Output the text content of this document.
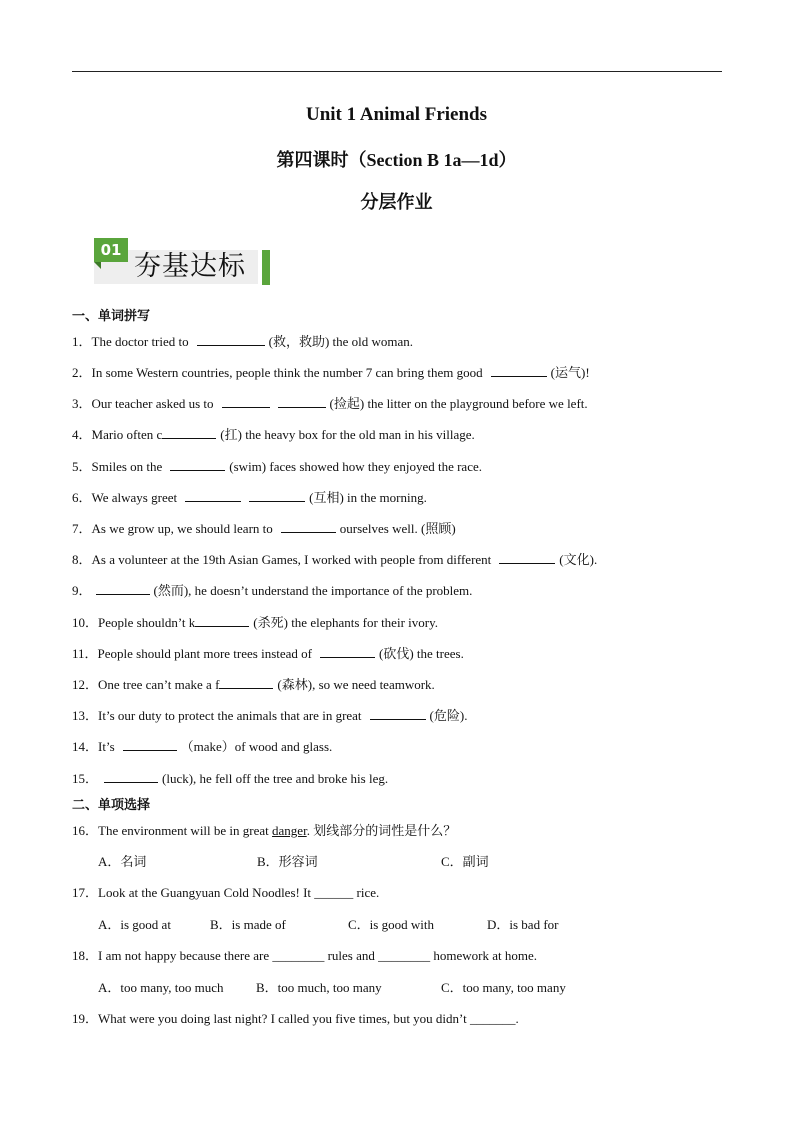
Unit 1 Animal Friends
第四课时（Section B 1a—1d）
分层作业
01
夯基达标
一、单词拼写
1．The doctor tried to	(救，救助) the old woman.
2．In some Western countries, people think the number 7 can bring them good	(运气)!
3．Our teacher asked us to	(捡起) the litter on the playground before we left.
4．Mario often c	(扛) the heavy box for the old man in his village.
5．Smiles on the	(swim) faces showed how they enjoyed the race.
6．We always greet	(互相) in the morning.
7．As we grow up, we should learn to	ourselves well. (照顾)
8．As a volunteer at the 19th Asian Games, I worked with people from different	(文化).
9．	(然而), he doesn’t understand the importance of the problem.
10．People shouldn’t k	(杀死) the elephants for their ivory.
11．People should plant more trees instead of	(砍伐) the trees.
12．One tree can’t make a f	(森林), so we need teamwork.
13．It’s our duty to protect the animals that are in great	(危险).
14．It’s	（make）of wood and glass.
15．	(luck), he fell off the tree and broke his leg.
二、单项选择
16．The environment will be in great danger. 划线部分的词性是什么？
A．名词	B．形容词	C．副词
17．Look at the Guangyuan Cold Noodles! It ______ rice.
A．is good at	B．is made of	C．is good with	D．is bad for
18．I am not happy because there are ________ rules and ________ homework at home.
A．too many, too much B．too much, too many	C．too many, too many
19．What were you doing last night? I called you five times, but you didn’t _______.
